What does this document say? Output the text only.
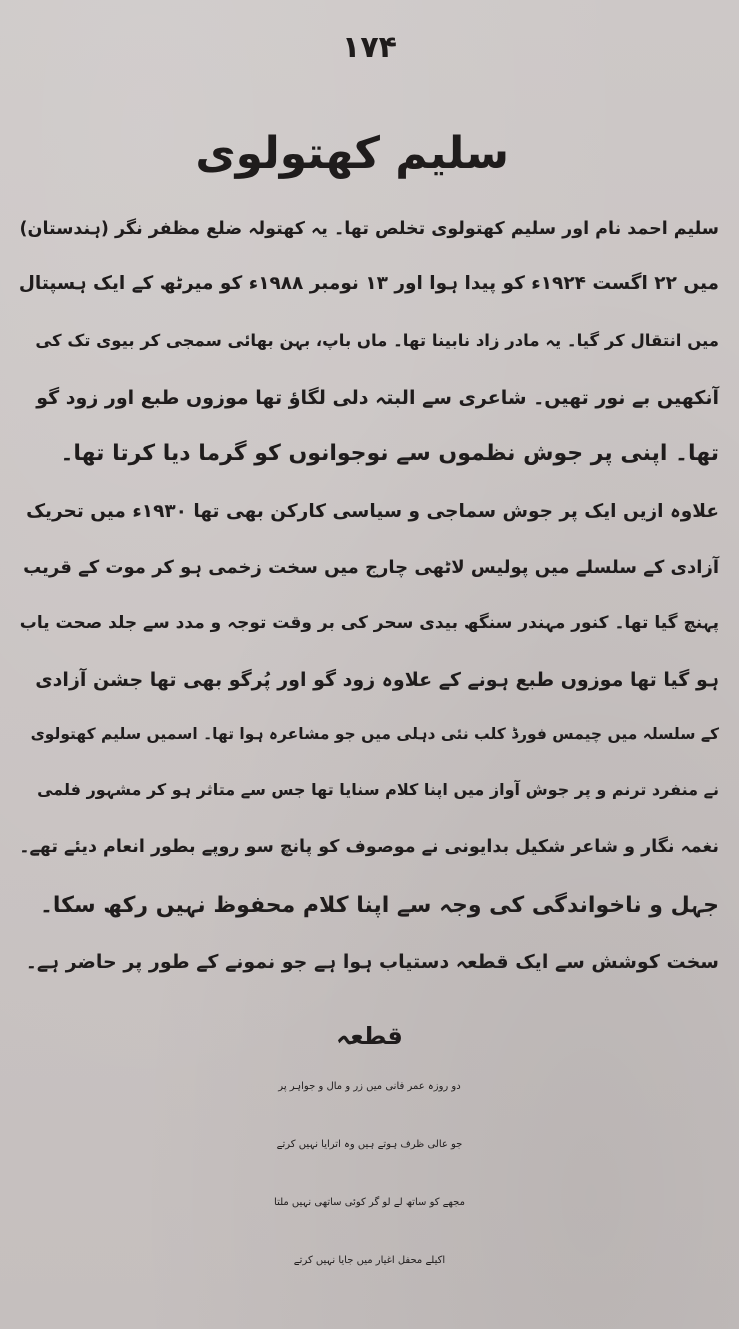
۱۷۴
سلیم کھتولوی
سلیم احمد نام اور سلیم کھتولوی تخلص تھا۔ یہ کھتولہ ضلع مظفر نگر (ہندستان)
میں ۲۲ اگست ۱۹۲۴ء کو پیدا ہوا اور ۱۳ نومبر ۱۹۸۸ء کو میرٹھ کے ایک ہسپتال
میں انتقال کر گیا۔ یہ مادر زاد نابینا تھا۔ ماں باپ، بہن بھائی سمجی کر بیوی تک کی
آنکھیں بے نور تھیں۔ شاعری سے البتہ دلی لگاؤ تھا موزوں طبع اور زود گو
تھا۔ اپنی پر جوش نظموں سے نوجوانوں کو گرما دیا کرتا تھا۔
علاوہ ازیں ایک پر جوش سماجی و سیاسی کارکن بھی تھا ۱۹۳۰ء میں تحریک
آزادی کے سلسلے میں پولیس لاٹھی چارج میں سخت زخمی ہو کر موت کے قریب
پہنچ گیا تھا۔ کنور مہندر سنگھ بیدی سحر کی بر وقت توجہ و مدد سے جلد صحت یاب
ہو گیا تھا موزوں طبع ہونے کے علاوہ زود گو اور پُرگو بھی تھا جشن آزادی
کے سلسلہ میں چیمس فورڈ کلب نئی دہلی میں جو مشاعرہ ہوا تھا۔ اسمیں سلیم کھتولوی
نے منفرد ترنم و پر جوش آواز میں اپنا کلام سنایا تھا جس سے متاثر ہو کر مشہور فلمی
نغمہ نگار و شاعر شکیل بدایونی نے موصوف کو پانچ سو روپے بطور انعام دیئے تھے۔
جہل و ناخواندگی کی وجہ سے اپنا کلام محفوظ نہیں رکھ سکا۔
سخت کوشش سے ایک قطعہ دستیاب ہوا ہے جو نمونے کے طور پر حاضر ہے۔
قطعہ
دو روزہ عمر فانی میں زر و مال و جواہر پر
جو عالی ظرف ہوتے ہیں وہ اترایا نہیں کرتے
مجھے کو ساتھ لے لو گر کوئی ساتھی نہیں ملتا
اکیلے محفل اغیار میں جایا نہیں کرتے
